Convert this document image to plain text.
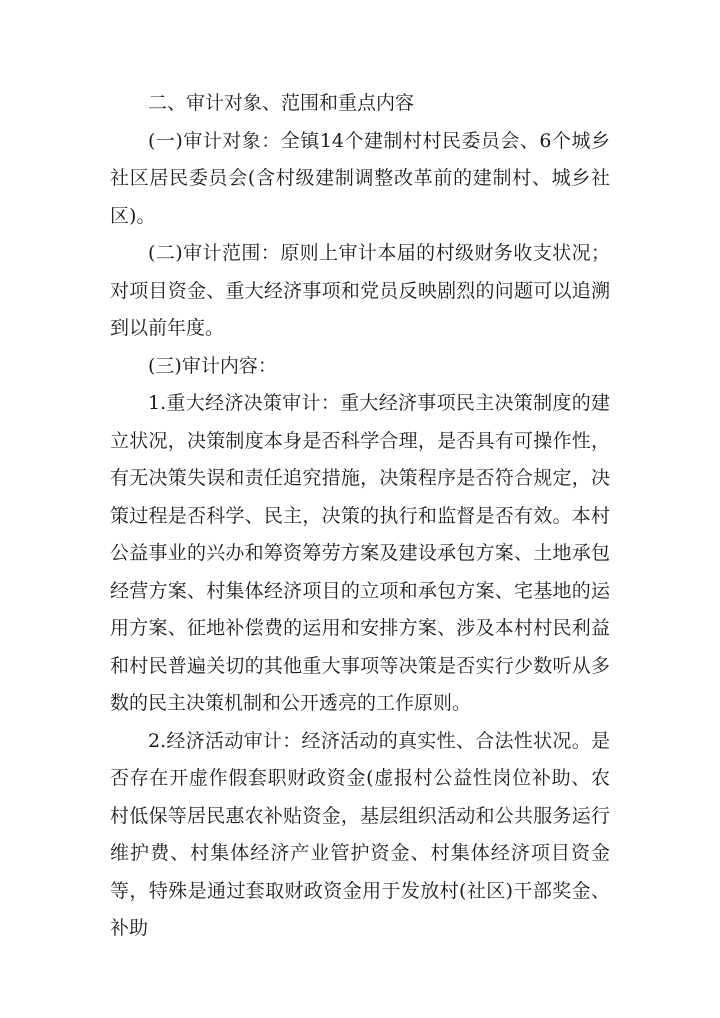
二、审计对象、范围和重点内容

(一)审计对象：全镇14个建制村村民委员会、6个城乡社区居民委员会(含村级建制调整改革前的建制村、城乡社区)。

(二)审计范围：原则上审计本届的村级财务收支状况；对项目资金、重大经济事项和党员反映剧烈的问题可以追溯到以前年度。

(三)审计内容：

1.重大经济决策审计：重大经济事项民主决策制度的建立状况，决策制度本身是否科学合理，是否具有可操作性，有无决策失误和责任追究措施，决策程序是否符合规定，决策过程是否科学、民主，决策的执行和监督是否有效。本村公益事业的兴办和筹资筹劳方案及建设承包方案、土地承包经营方案、村集体经济项目的立项和承包方案、宅基地的运用方案、征地补偿费的运用和安排方案、涉及本村村民利益和村民普遍关切的其他重大事项等决策是否实行少数听从多数的民主决策机制和公开透亮的工作原则。

2.经济活动审计：经济活动的真实性、合法性状况。是否存在开虚作假套职财政资金(虚报村公益性岗位补助、农村低保等居民惠农补贴资金，基层组织活动和公共服务运行维护费、村集体经济产业管护资金、村集体经济项目资金等，特殊是通过套取财政资金用于发放村(社区)干部奖金、补助
